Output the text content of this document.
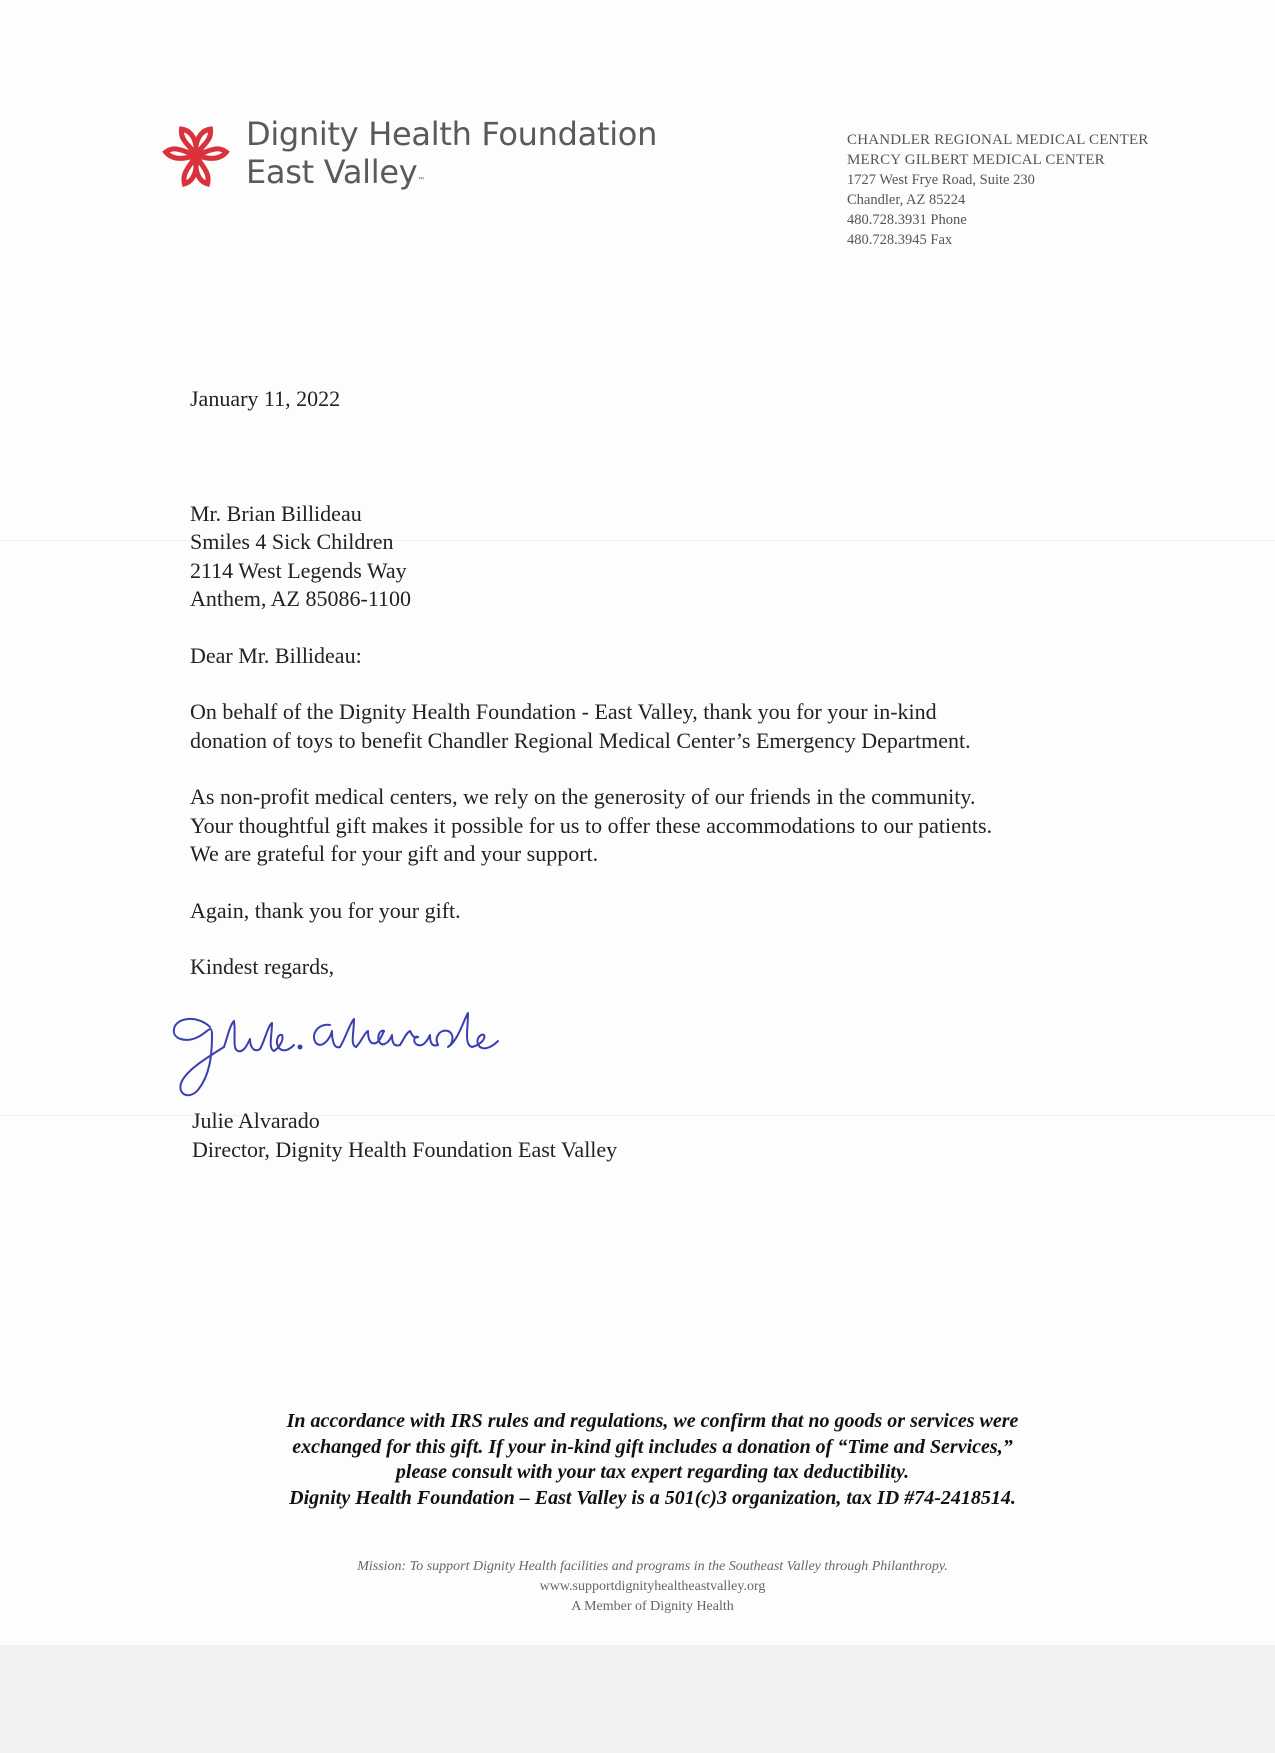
Dignity Health Foundation
East Valley™
CHANDLER REGIONAL MEDICAL CENTER
MERCY GILBERT MEDICAL CENTER
1727 West Frye Road, Suite 230
Chandler, AZ 85224
480.728.3931 Phone
480.728.3945 Fax

January 11, 2022

Mr. Brian Billideau

Smiles 4 Sick Children

2114 West Legends Way

Anthem, AZ 85086-1100

Dear Mr. Billideau:

On behalf of the Dignity Health Foundation - East Valley, thank you for your in-kind

donation of toys to benefit Chandler Regional Medical Center’s Emergency Department.

As non-profit medical centers, we rely on the generosity of our friends in the community.

Your thoughtful gift makes it possible for us to offer these accommodations to our patients.

We are grateful for your gift and your support.

Again, thank you for your gift.

Kindest regards,

Julie Alvarado
Director, Dignity Health Foundation East Valley

In accordance with IRS rules and regulations, we confirm that no goods or services were

exchanged for this gift. If your in-kind gift includes a donation of “Time and Services,”

please consult with your tax expert regarding tax deductibility.

Dignity Health Foundation – East Valley is a 501(c)3 organization, tax ID #74-2418514.

Mission: To support Dignity Health facilities and programs in the Southeast Valley through Philanthropy.

www.supportdignityhealtheastvalley.org

A Member of Dignity Health
